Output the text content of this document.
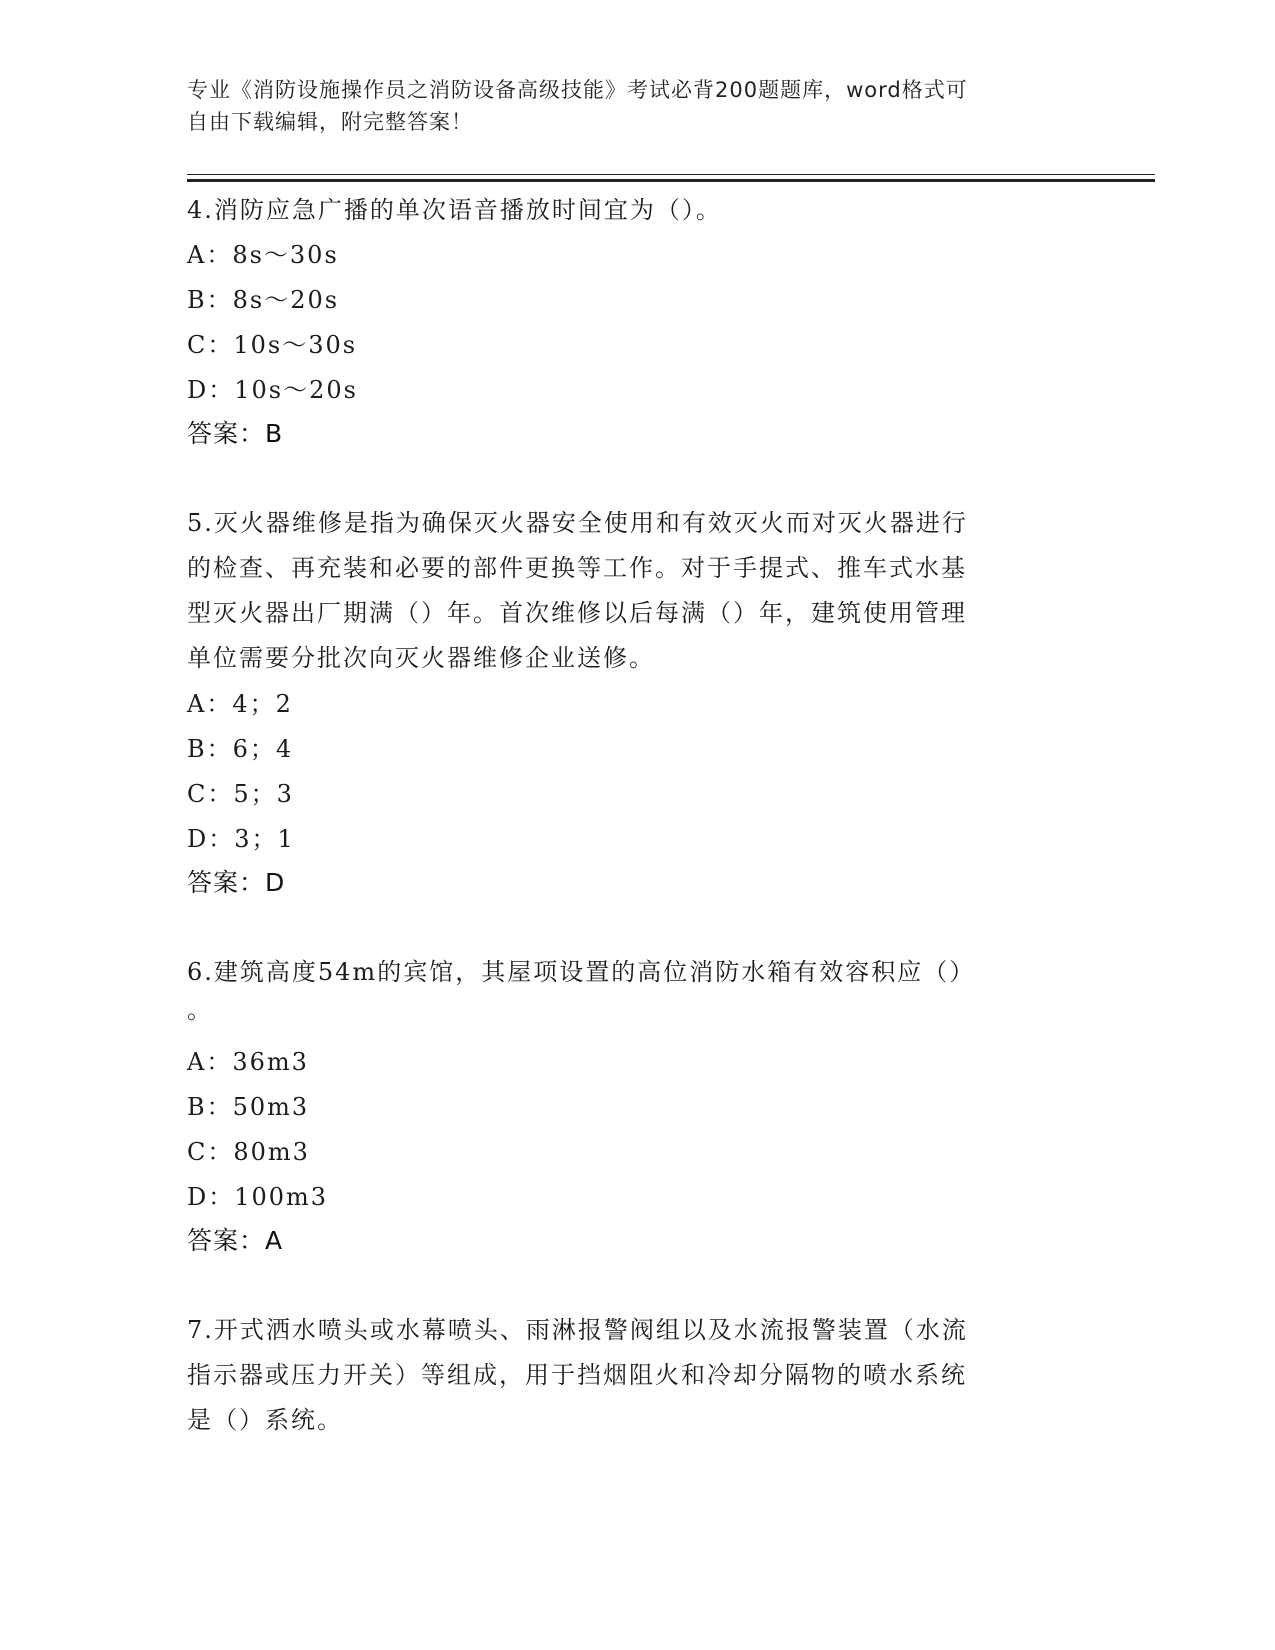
专业《消防设施操作员之消防设备高级技能》考试必背200题题库，word格式可
自由下载编辑，附完整答案！
4.消防应急广播的单次语音播放时间宜为（）。
A：8s～30s
B：8s～20s
C：10s～30s
D：10s～20s
答案：B
5.灭火器维修是指为确保灭火器安全使用和有效灭火而对灭火器进行
的检查、再充装和必要的部件更换等工作。对于手提式、推车式水基
型灭火器出厂期满（）年。首次维修以后每满（）年，建筑使用管理
单位需要分批次向灭火器维修企业送修。
A：4；2
B：6；4
C：5；3
D：3；1
答案：D
6.建筑高度54m的宾馆，其屋项设置的高位消防水箱有效容积应（）
。
A：36m3
B：50m3
C：80m3
D：100m3
答案：A
7.开式洒水喷头或水幕喷头、雨淋报警阀组以及水流报警装置（水流
指示器或压力开关）等组成，用于挡烟阻火和冷却分隔物的喷水系统
是（）系统。
